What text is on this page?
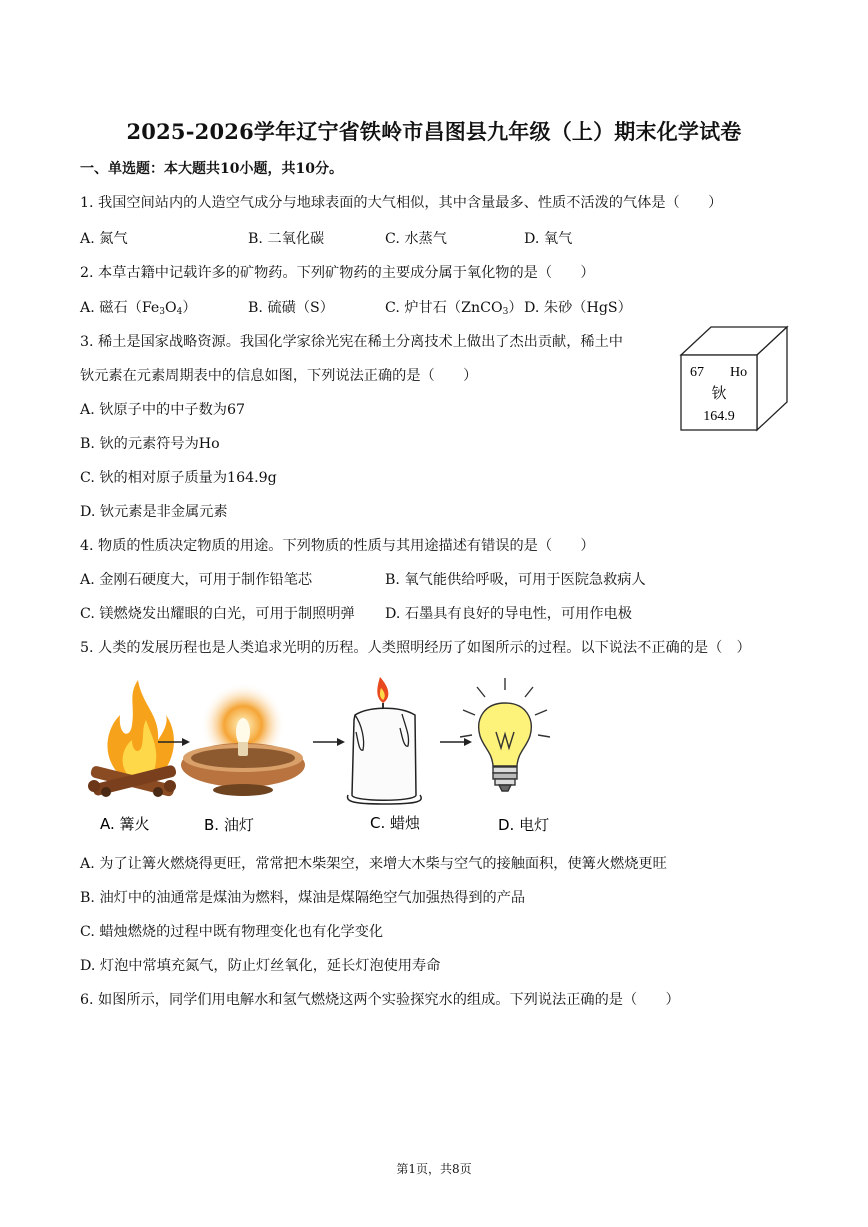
2025-2026学年辽宁省铁岭市昌图县九年级（上）期末化学试卷
一、单选题：本大题共10小题，共10分。
1. 我国空间站内的人造空气成分与地球表面的大气相似，其中含量最多、性质不活泼的气体是（　　）
A. 氮气	B. 二氧化碳	C. 水蒸气	D. 氧气
2. 本草古籍中记载许多的矿物药。下列矿物药的主要成分属于氧化物的是（　　）
A. 磁石$(Fe_3O_4)$	B. 硫磺（S）	C. 炉甘石（ZnCO$_3$） D. 朱砂（HgS）
3. 稀土是国家战略资源。我国化学家徐光宪在稀土分离技术上做出了杰出贡献，稀土中
钬元素在元素周期表中的信息如图，下列说法正确的是（　　）
A. 钬原子中的中子数为67
B. 钬的元素符号为Ho
C. 钬的相对原子质量为164.9g
D. 钬元素是非金属元素
67 Ho
钬
164.9
4. 物质的性质决定物质的用途。下列物质的性质与其用途描述有错误的是（　　）
A. 金刚石硬度大，可用于制作铅笔芯	B. 氧气能供给呼吸，可用于医院急救病人
C. 镁燃烧发出耀眼的白光，可用于制照明弹 D. 石墨具有良好的导电性，可用作电极
5. 人类的发展历程也是人类追求光明的历程。人类照明经历了如图所示的过程。以下说法不正确的是（　）
A. 篝火	B. 油灯	C. 蜡烛	D. 电灯
A. 为了让篝火燃烧得更旺，常常把木柴架空，来增大木柴与空气的接触面积，使篝火燃烧更旺
B. 油灯中的油通常是煤油为燃料，煤油是煤隔绝空气加强热得到的产品
C. 蜡烛燃烧的过程中既有物理变化也有化学变化
D. 灯泡中常填充氮气，防止灯丝氧化，延长灯泡使用寿命
6. 如图所示，同学们用电解水和氢气燃烧这两个实验探究水的组成。下列说法正确的是（　　）
第1页，共8页
